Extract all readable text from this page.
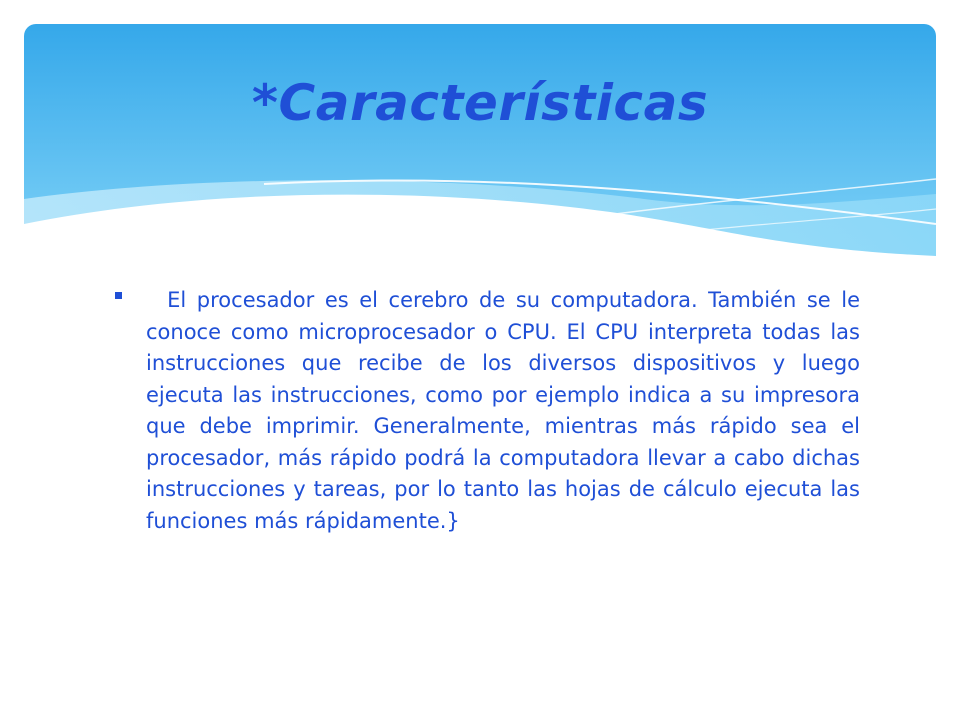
*Características

El procesador es el cerebro de su computadora. También se le conoce como microprocesador o CPU. El CPU interpreta todas las instrucciones que recibe de los diversos dispositivos y luego ejecuta las instrucciones, como por ejemplo indica a su impresora que debe imprimir. Generalmente, mientras más rápido sea el procesador, más rápido podrá la computadora llevar a cabo dichas instrucciones y tareas, por lo tanto las hojas de cálculo ejecuta las funciones más rápidamente.}
